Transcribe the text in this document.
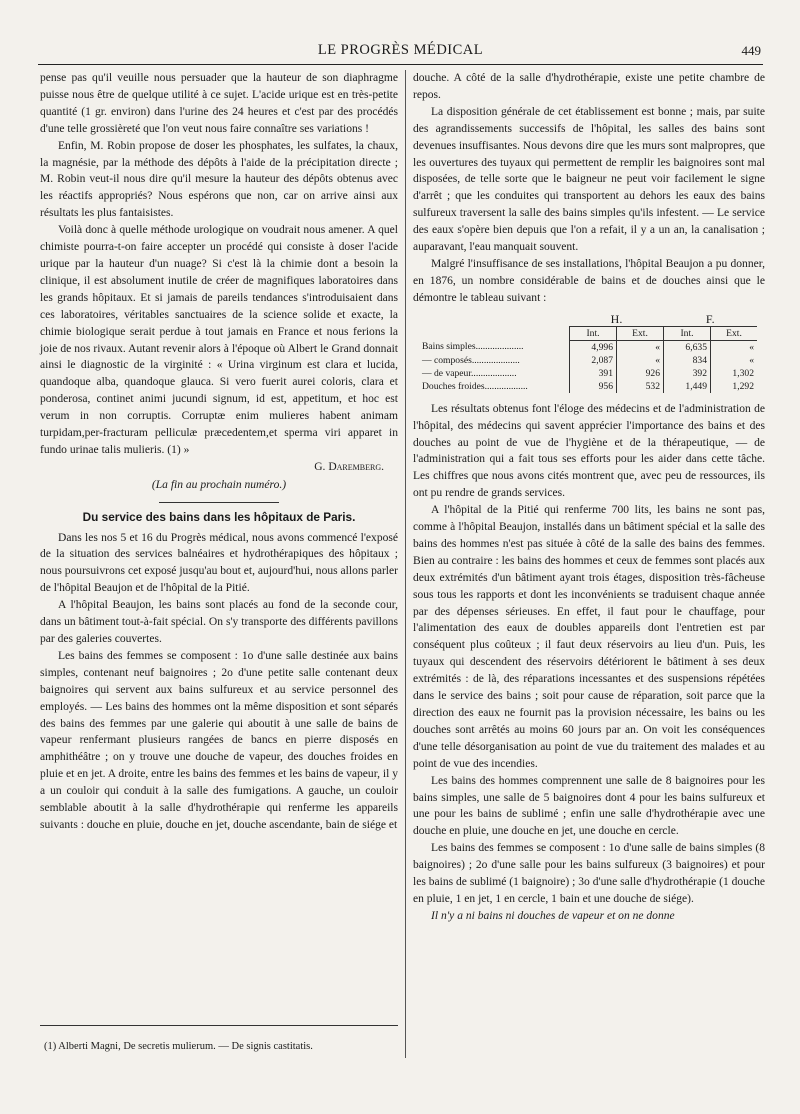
LE PROGRÈS MÉDICAL	449

pense pas qu'il veuille nous persuader que la hauteur de son diaphragme puisse nous être de quelque utilité à ce sujet. L'acide urique est en très-petite quantité (1 gr. environ) dans l'urine des 24 heures et c'est par des procédés d'une telle grossièreté que l'on veut nous faire connaître ses variations !

Enfin, M. Robin propose de doser les phosphates, les sulfates, la chaux, la magnésie, par la méthode des dépôts à l'aide de la précipitation directe ; M. Robin veut-il nous dire qu'il mesure la hauteur des dépôts obtenus avec les réactifs appropriés? Nous espérons que non, car on arrive ainsi aux résultats les plus fantaisistes.

Voilà donc à quelle méthode urologique on voudrait nous amener. A quel chimiste pourra-t-on faire accepter un procédé qui consiste à doser l'acide urique par la hauteur d'un nuage? Si c'est là la chimie dont a besoin la clinique, il est absolument inutile de créer de magnifiques laboratoires dans les grands hôpitaux. Et si jamais de pareils tendances s'introduisaient dans ces laboratoires, véritables sanctuaires de la science solide et exacte, la chimie biologique serait perdue à tout jamais en France et nous ferions la joie de nos rivaux. Autant revenir alors à l'époque où Albert le Grand donnait ainsi le diagnostic de la virginité : « Urina virginum est clara et lucida, quandoque alba, quandoque glauca. Si vero fuerit aurei coloris, clara et ponderosa, continet animi jucundi signum, id est, appetitum, et hoc est verum in non corruptis. Corruptæ enim mulieres habent animam turpidam,per-fracturam pelliculæ præcedentem,et sperma viri apparet in fundo urinae talis mulieris. (1) »

G. Daremberg.

(La fin au prochain numéro.)

Du service des bains dans les hôpitaux de Paris.

Dans les nos 5 et 16 du Progrès médical, nous avons commencé l'exposé de la situation des services balnéaires et hydrothérapiques des hôpitaux ; nous poursuivrons cet exposé jusqu'au bout et, aujourd'hui, nous allons parler de l'hôpital Beaujon et de l'hôpital de la Pitié.

A l'hôpital Beaujon, les bains sont placés au fond de la seconde cour, dans un bâtiment tout-à-fait spécial. On s'y transporte des différents pavillons par des galeries couvertes.

Les bains des femmes se composent : 1o d'une salle destinée aux bains simples, contenant neuf baignoires ; 2o d'une petite salle contenant deux baignoires qui servent aux bains sulfureux et au service personnel des employés. — Les bains des hommes ont la même disposition et sont séparés des bains des femmes par une galerie qui aboutit à une salle de bains de vapeur renfermant plusieurs rangées de bancs en pierre disposés en amphithéâtre ; on y trouve une douche de vapeur, des douches froides en pluie et en jet. A droite, entre les bains des femmes et les bains de vapeur, il y a un couloir qui conduit à la salle des fumigations. A gauche, un couloir semblable aboutit à la salle d'hydrothérapie qui renferme les appareils suivants : douche en pluie, douche en jet, douche ascendante, bain de siége et

douche. A côté de la salle d'hydrothérapie, existe une petite chambre de repos.

La disposition générale de cet établissement est bonne ; mais, par suite des agrandissements successifs de l'hôpital, les salles des bains sont devenues insuffisantes. Nous devons dire que les murs sont malpropres, que les ouvertures des tuyaux qui permettent de remplir les baignoires sont mal disposées, de telle sorte que le baigneur ne peut voir facilement le signe d'arrêt ; que les conduites qui transportent au dehors les eaux des bains sulfureux traversent la salle des bains simples qu'ils infestent. — Le service des eaux s'opère bien depuis que l'on a refait, il y a un an, la canalisation ; auparavant, l'eau manquait souvent.

Malgré l'insuffisance de ses installations, l'hôpital Beaujon a pu donner, en 1876, un nombre considérable de bains et de douches ainsi que le démontre le tableau suivant :

	H.		F.	
	Int.	Ext.	Int.	Ext.
Bains simples....................	4,996	«	6,635	«
— composés....................	2,087	«	834	«
— de vapeur...................	391	926	392	1,302
Douches froides..................	956	532	1,449	1,292

Les résultats obtenus font l'éloge des médecins et de l'administration de l'hôpital, des médecins qui savent apprécier l'importance des bains et des douches au point de vue de l'hygiène et de la thérapeutique, — de l'administration qui a fait tous ses efforts pour les aider dans cette tâche. Les chiffres que nous avons cités montrent que, avec peu de ressources, ils ont pu rendre de grands services.

A l'hôpital de la Pitié qui renferme 700 lits, les bains ne sont pas, comme à l'hôpital Beaujon, installés dans un bâtiment spécial et la salle des bains des hommes n'est pas située à côté de la salle des bains des femmes. Bien au contraire : les bains des hommes et ceux de femmes sont placés aux deux extrémités d'un bâtiment ayant trois étages, disposition très-fâcheuse sous tous les rapports et dont les inconvénients se traduisent chaque année par des dépenses sérieuses. En effet, il faut pour le chauffage, pour l'alimentation des eaux de doubles appareils dont l'entretien est par conséquent plus coûteux ; il faut deux réservoirs au lieu d'un. Puis, les tuyaux qui descendent des réservoirs détériorent le bâtiment à ses deux extrémités : de là, des réparations incessantes et des suspensions répétées dans le service des bains ; soit pour cause de réparation, soit parce que la direction des eaux ne fournit pas la provision nécessaire, les bains ou les douches sont arrêtés au moins 60 jours par an. On voit les conséquences d'une telle désorganisation au point de vue du traitement des malades et au point de vue des incendies.

Les bains des hommes comprennent une salle de 8 baignoires pour les bains simples, une salle de 5 baignoires dont 4 pour les bains sulfureux et une pour les bains de sublimé ; enfin une salle d'hydrothérapie avec une douche en pluie, une douche en jet, une douche en cercle.

Les bains des femmes se composent : 1o d'une salle de bains simples (8 baignoires) ; 2o d'une salle pour les bains sulfureux (3 baignoires) et pour les bains de sublimé (1 baignoire) ; 3o d'une salle d'hydrothérapie (1 douche en pluie, 1 en jet, 1 en cercle, 1 bain et une douche de siége).

Il n'y a ni bains ni douches de vapeur et on ne donne

(1) Alberti Magni, De secretis mulierum. — De signis castitatis.
